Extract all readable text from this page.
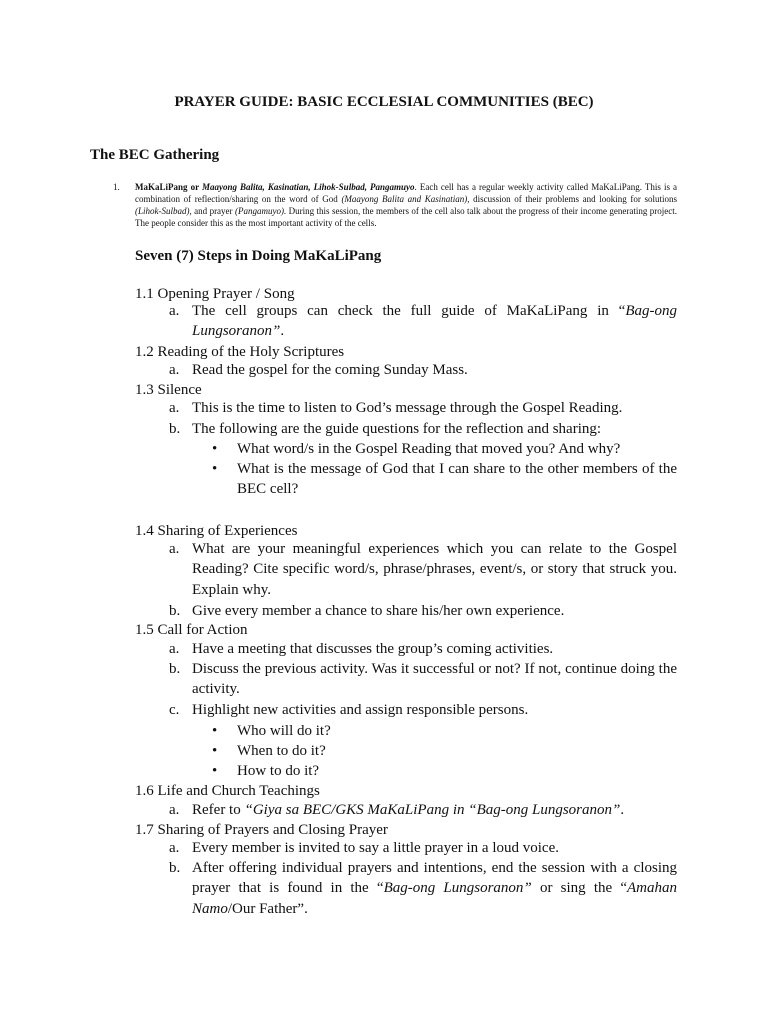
PRAYER GUIDE: BASIC ECCLESIAL COMMUNITIES (BEC)
The BEC Gathering
1. MaKaLiPang or Maayong Balita, Kasinatian, Lihok-Sulbad, Pangamuyo. Each cell has a regular weekly activity called MaKaLiPang. This is a combination of reflection/sharing on the word of God (Maayong Balita and Kasinatian), discussion of their problems and looking for solutions (Lihok-Sulbad), and prayer (Pangamuyo). During this session, the members of the cell also talk about the progress of their income generating project. The people consider this as the most important activity of the cells.
Seven (7) Steps in Doing MaKaLiPang
1.1 Opening Prayer / Song
a. The cell groups can check the full guide of MaKaLiPang in “Bag-ong Lungsoranon”.
1.2 Reading of the Holy Scriptures
a. Read the gospel for the coming Sunday Mass.
1.3 Silence
a. This is the time to listen to God’s message through the Gospel Reading.
b. The following are the guide questions for the reflection and sharing:
• What word/s in the Gospel Reading that moved you? And why?
• What is the message of God that I can share to the other members of the BEC cell?
1.4 Sharing of Experiences
a. What are your meaningful experiences which you can relate to the Gospel Reading? Cite specific word/s, phrase/phrases, event/s, or story that struck you. Explain why.
b. Give every member a chance to share his/her own experience.
1.5 Call for Action
a. Have a meeting that discusses the group’s coming activities.
b. Discuss the previous activity. Was it successful or not? If not, continue doing the activity.
c. Highlight new activities and assign responsible persons.
• Who will do it?
• When to do it?
• How to do it?
1.6 Life and Church Teachings
a. Refer to “Giya sa BEC/GKS MaKaLiPang in “Bag-ong Lungsoranon”.
1.7 Sharing of Prayers and Closing Prayer
a. Every member is invited to say a little prayer in a loud voice.
b. After offering individual prayers and intentions, end the session with a closing prayer that is found in the “Bag-ong Lungsoranon” or sing the “Amahan Namo/Our Father”.
